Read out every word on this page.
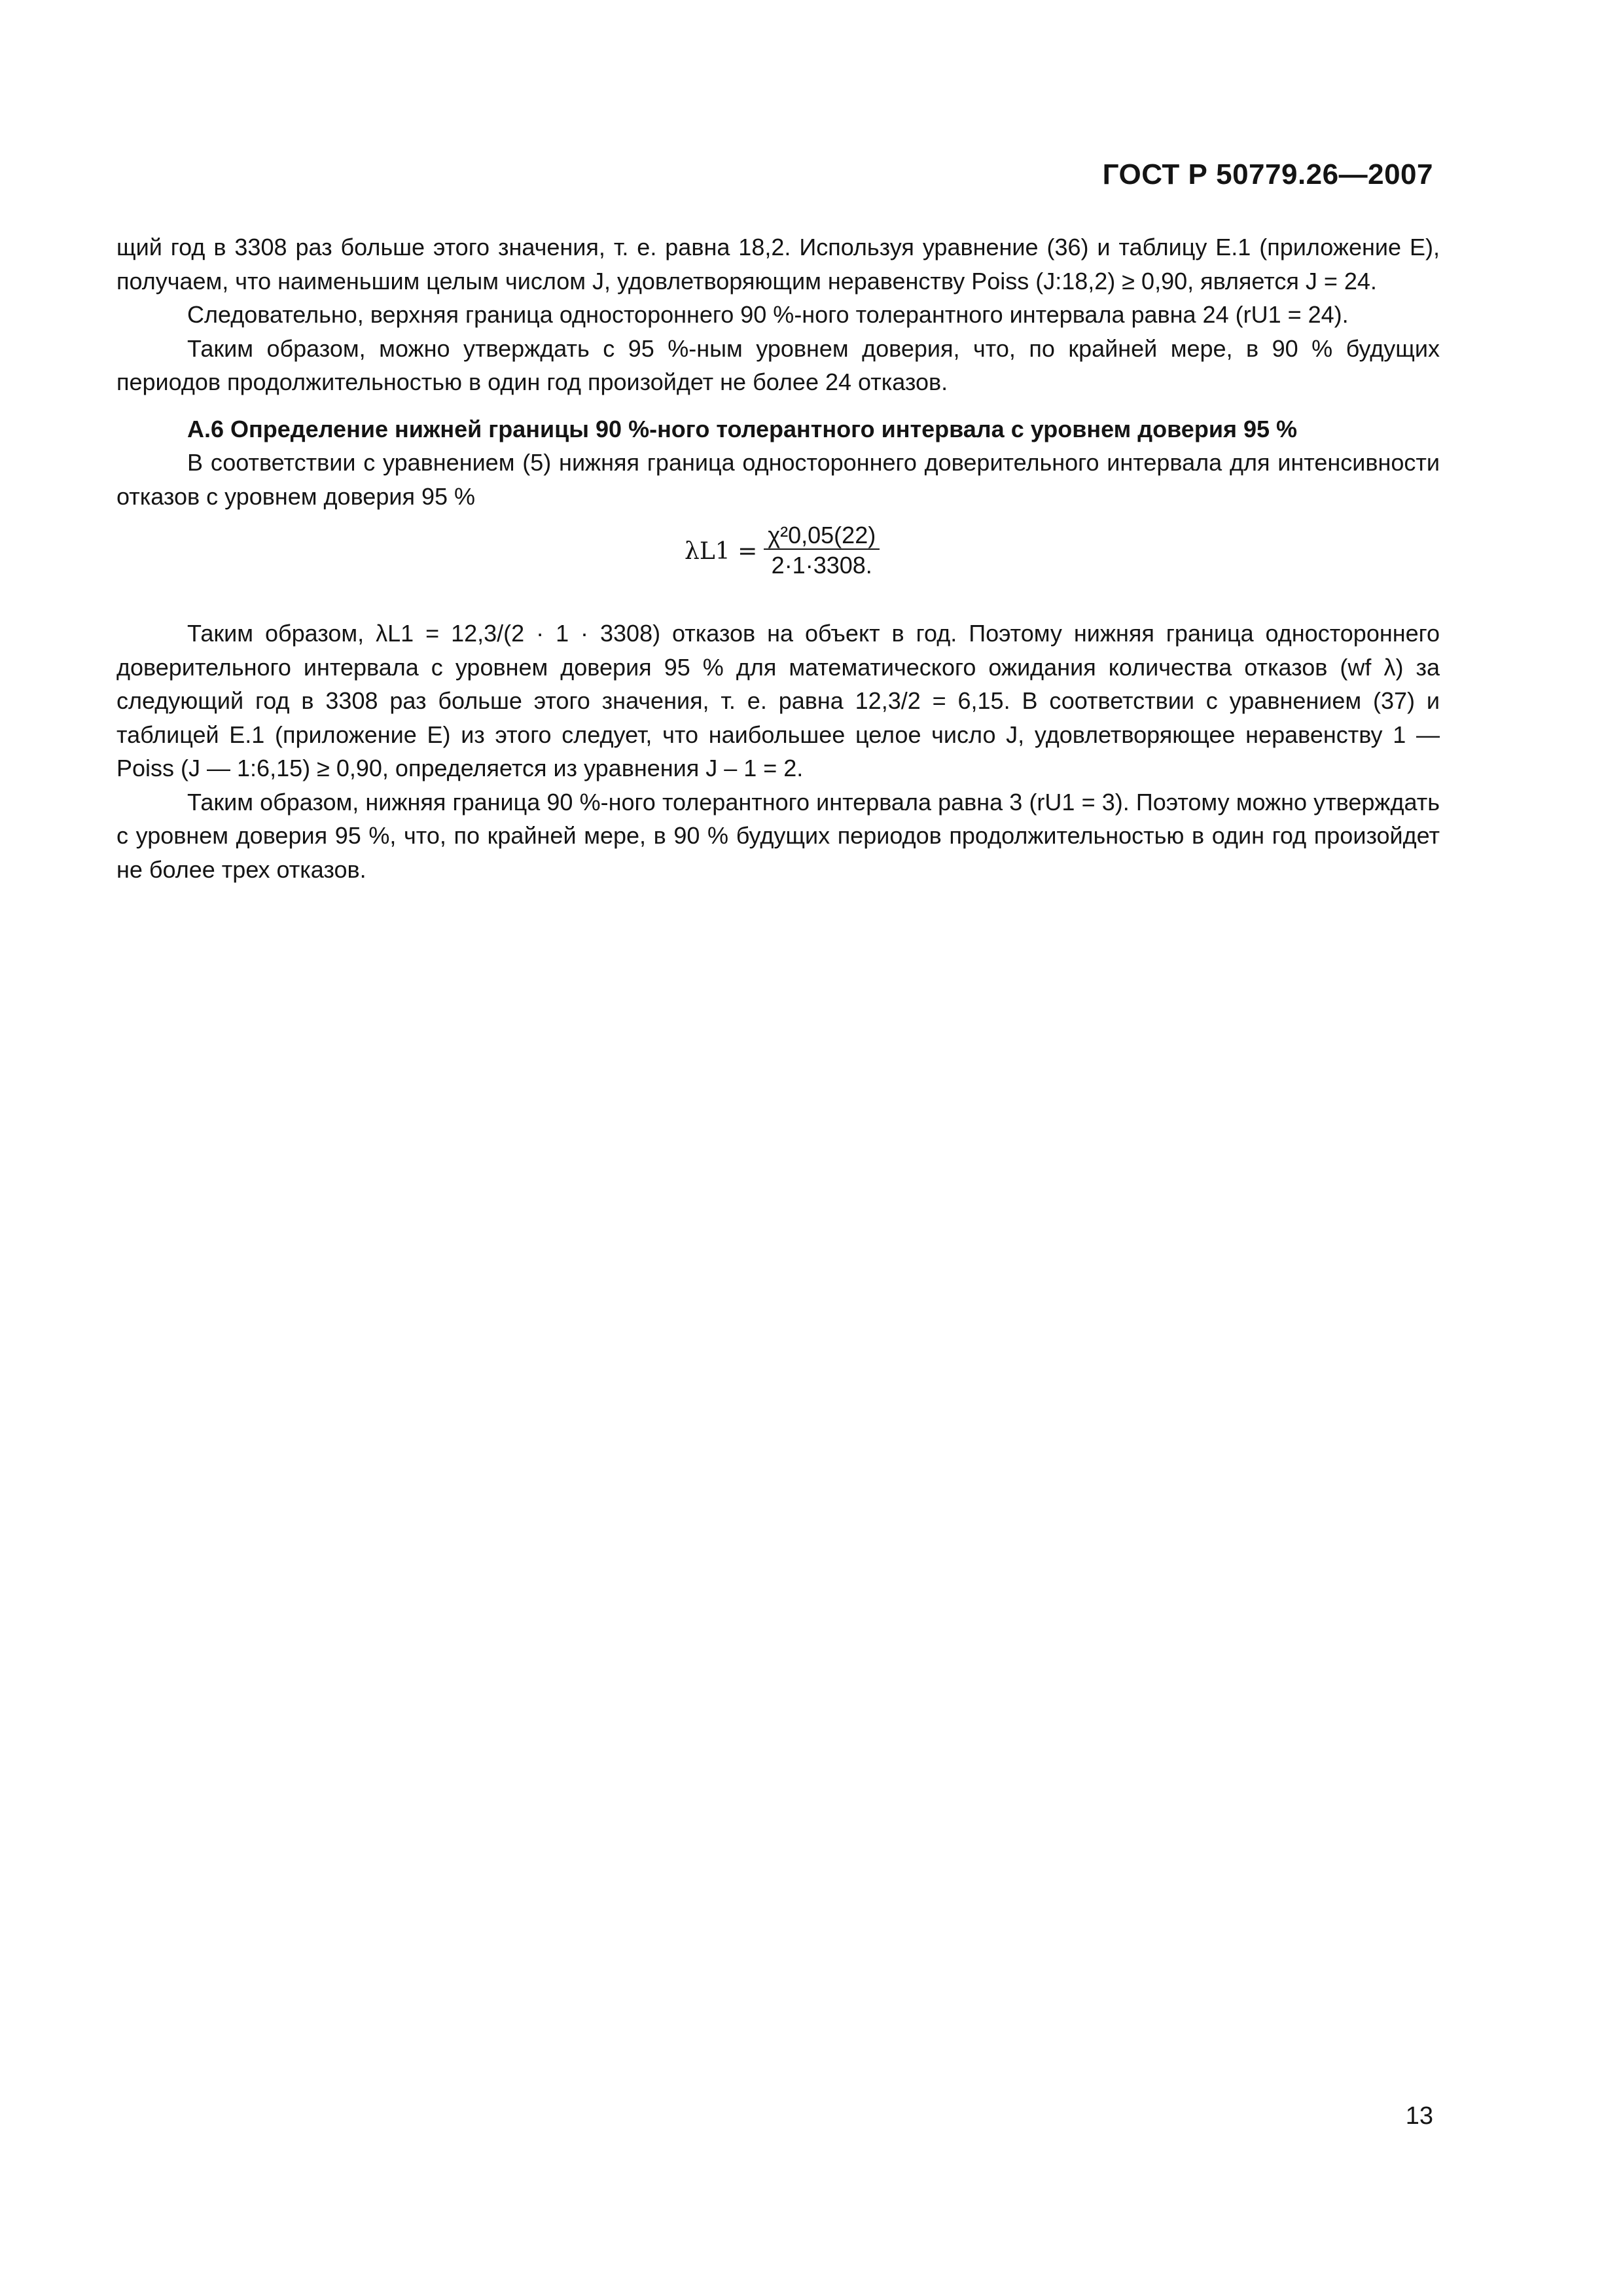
ГОСТ Р 50779.26—2007

щий год в 3308 раз больше этого значения, т. е. равна 18,2. Используя уравнение (36) и таблицу Е.1 (приложение Е), получаем, что наименьшим целым числом J, удовлетворяющим неравенству Poiss (J:18,2) ≥ 0,90, является J = 24.

Следовательно, верхняя граница одностороннего 90 %-ного толерантного интервала равна 24 (rU1 = 24).

Таким образом, можно утверждать с 95 %-ным уровнем доверия, что, по крайней мере, в 90 % будущих периодов продолжительностью в один год произойдет не более 24 отказов.

А.6 Определение нижней границы 90 %-ного толерантного интервала с уровнем доверия 95 %

В соответствии с уравнением (5) нижняя граница одностороннего доверительного интервала для интенсивности отказов с уровнем доверия 95 %

$\lambda L1 = \frac{\text{χ²0,05(22)}}{2\cdot 1\cdot 3308.}$

Таким образом, λL1 = 12,3/(2 · 1 · 3308) отказов на объект в год. Поэтому нижняя граница одностороннего доверительного интервала с уровнем доверия 95 % для математического ожидания количества отказов (wf λ) за следующий год в 3308 раз больше этого значения, т. е. равна 12,3/2 = 6,15. В соответствии с уравнением (37) и таблицей Е.1 (приложение Е) из этого следует, что наибольшее целое число J, удовлетворяющее неравенству 1 — Poiss (J — 1:6,15) ≥ 0,90, определяется из уравнения J – 1 = 2.

Таким образом, нижняя граница 90 %-ного толерантного интервала равна 3 (rU1 = 3). Поэтому можно утверждать с уровнем доверия 95 %, что, по крайней мере, в 90 % будущих периодов продолжительностью в один год произойдет не более трех отказов.

13
